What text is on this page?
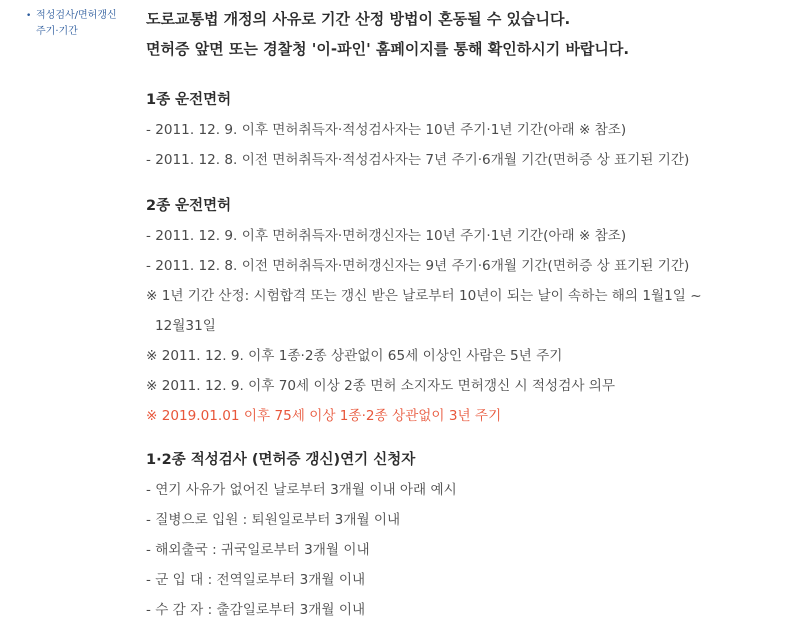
• 적성검사/면허갱신
주기·기간
도로교통법 개정의 사유로 기간 산정 방법이 혼동될 수 있습니다.
면허증 앞면 또는 경찰청 '이-파인' 홈페이지를 통해 확인하시기 바랍니다.
1종 운전면허
- 2011. 12. 9. 이후 면허취득자·적성검사자는 10년 주기·1년 기간(아래 ※ 참조)
- 2011. 12. 8. 이전 면허취득자·적성검사자는 7년 주기·6개월 기간(면허증 상 표기된 기간)
2종 운전면허
- 2011. 12. 9. 이후 면허취득자·면허갱신자는 10년 주기·1년 기간(아래 ※ 참조)
- 2011. 12. 8. 이전 면허취득자·면허갱신자는 9년 주기·6개월 기간(면허증 상 표기된 기간)
※ 1년 기간 산정: 시험합격 또는 갱신 받은 날로부터 10년이 되는 날이 속하는 해의 1월1일 ~
12월31일
※ 2011. 12. 9. 이후 1종·2종 상관없이 65세 이상인 사람은 5년 주기
※ 2011. 12. 9. 이후 70세 이상 2종 면허 소지자도 면허갱신 시 적성검사 의무
※ 2019.01.01 이후 75세 이상 1종·2종 상관없이 3년 주기
1·2종 적성검사 (면허증 갱신)연기 신청자
- 연기 사유가 없어진 날로부터 3개월 이내 아래 예시
- 질병으로 입원 : 퇴원일로부터 3개월 이내
- 해외출국 : 귀국일로부터 3개월 이내
- 군 입 대 : 전역일로부터 3개월 이내
- 수 감 자 : 출감일로부터 3개월 이내
